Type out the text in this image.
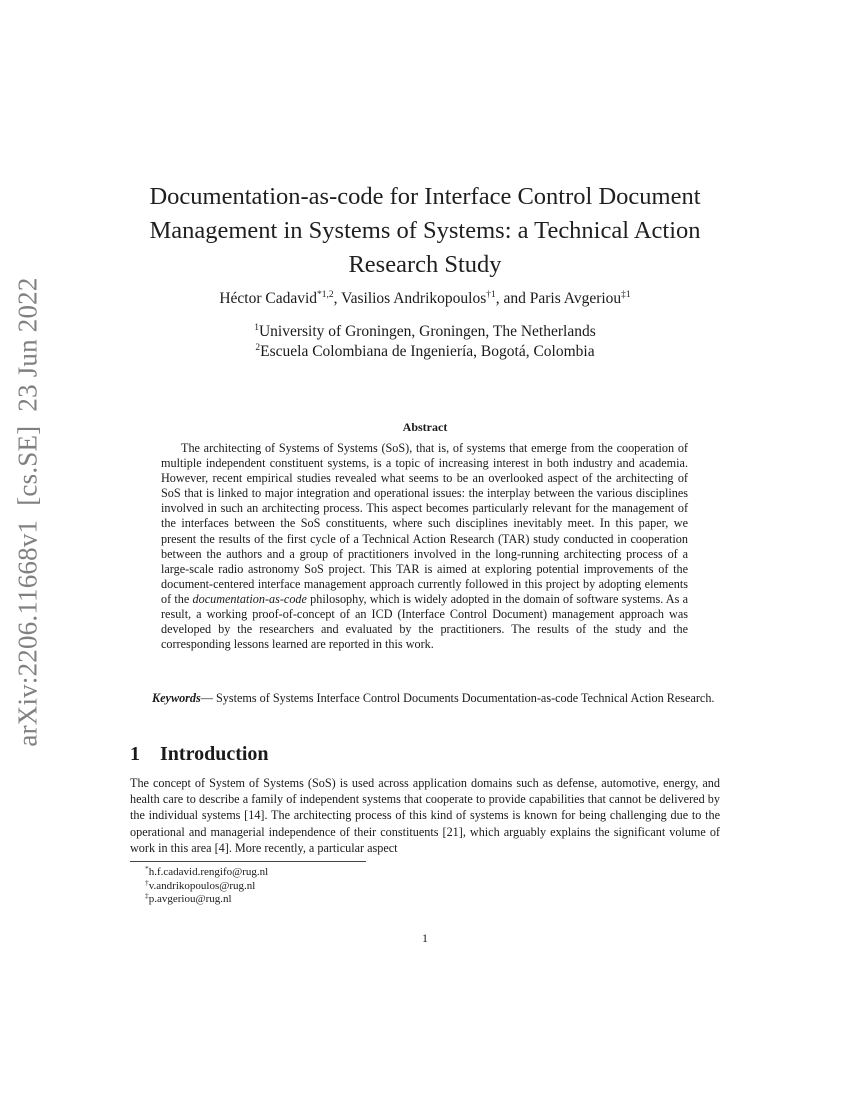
arXiv:2206.11668v1[cs.SE]23 Jun 2022
Documentation-as-code for Interface Control Document
Management in Systems of Systems: a Technical Action
Research Study
Héctor Cadavid$^{*1,2}$, Vasilios Andrikopoulos$^{\dagger 1}$, and Paris Avgeriou$^{\ddagger 1}$
$^1$University of Groningen, Groningen, The Netherlands
$^2$Escuela Colombiana de Ingeniería, Bogotá, Colombia
Abstract
The architecting of Systems of Systems (SoS), that is, of systems that emerge from the cooperation of multiple independent constituent systems, is a topic of increasing interest in both industry and academia. However, recent empirical studies revealed what seems to be an overlooked aspect of the architecting of SoS that is linked to major integration and operational issues: the interplay between the various disciplines involved in such an architecting process. This aspect becomes particularly relevant for the management of the interfaces between the SoS constituents, where such disciplines inevitably meet. In this paper, we present the results of the first cycle of a Technical Action Research (TAR) study conducted in cooperation between the authors and a group of practitioners involved in the long-running architecting process of a large-scale radio astronomy SoS project. This TAR is aimed at exploring potential improvements of the document-centered interface management approach currently followed in this project by adopting elements of the documentation-as-code philosophy, which is widely adopted in the domain of software systems. As a result, a working proof-of-concept of an ICD (Interface Control Document) management approach was developed by the researchers and evaluated by the practitioners. The results of the study and the corresponding lessons learned are reported in this work.
Keywords— Systems of Systems Interface Control Documents Documentation-as-code Technical Action Research.
1 Introduction
The concept of System of Systems (SoS) is used across application domains such as defense, automotive, energy, and health care to describe a family of independent systems that cooperate to provide capabilities that cannot be delivered by the individual systems [14]. The architecting process of this kind of systems is known for being challenging due to the operational and managerial independence of their constituents [21], which arguably explains the significant volume of work in this area [4]. More recently, a particular aspect
*h.f.cadavid.rengifo@rug.nl
†v.andrikopoulos@rug.nl
‡p.avgeriou@rug.nl
1
